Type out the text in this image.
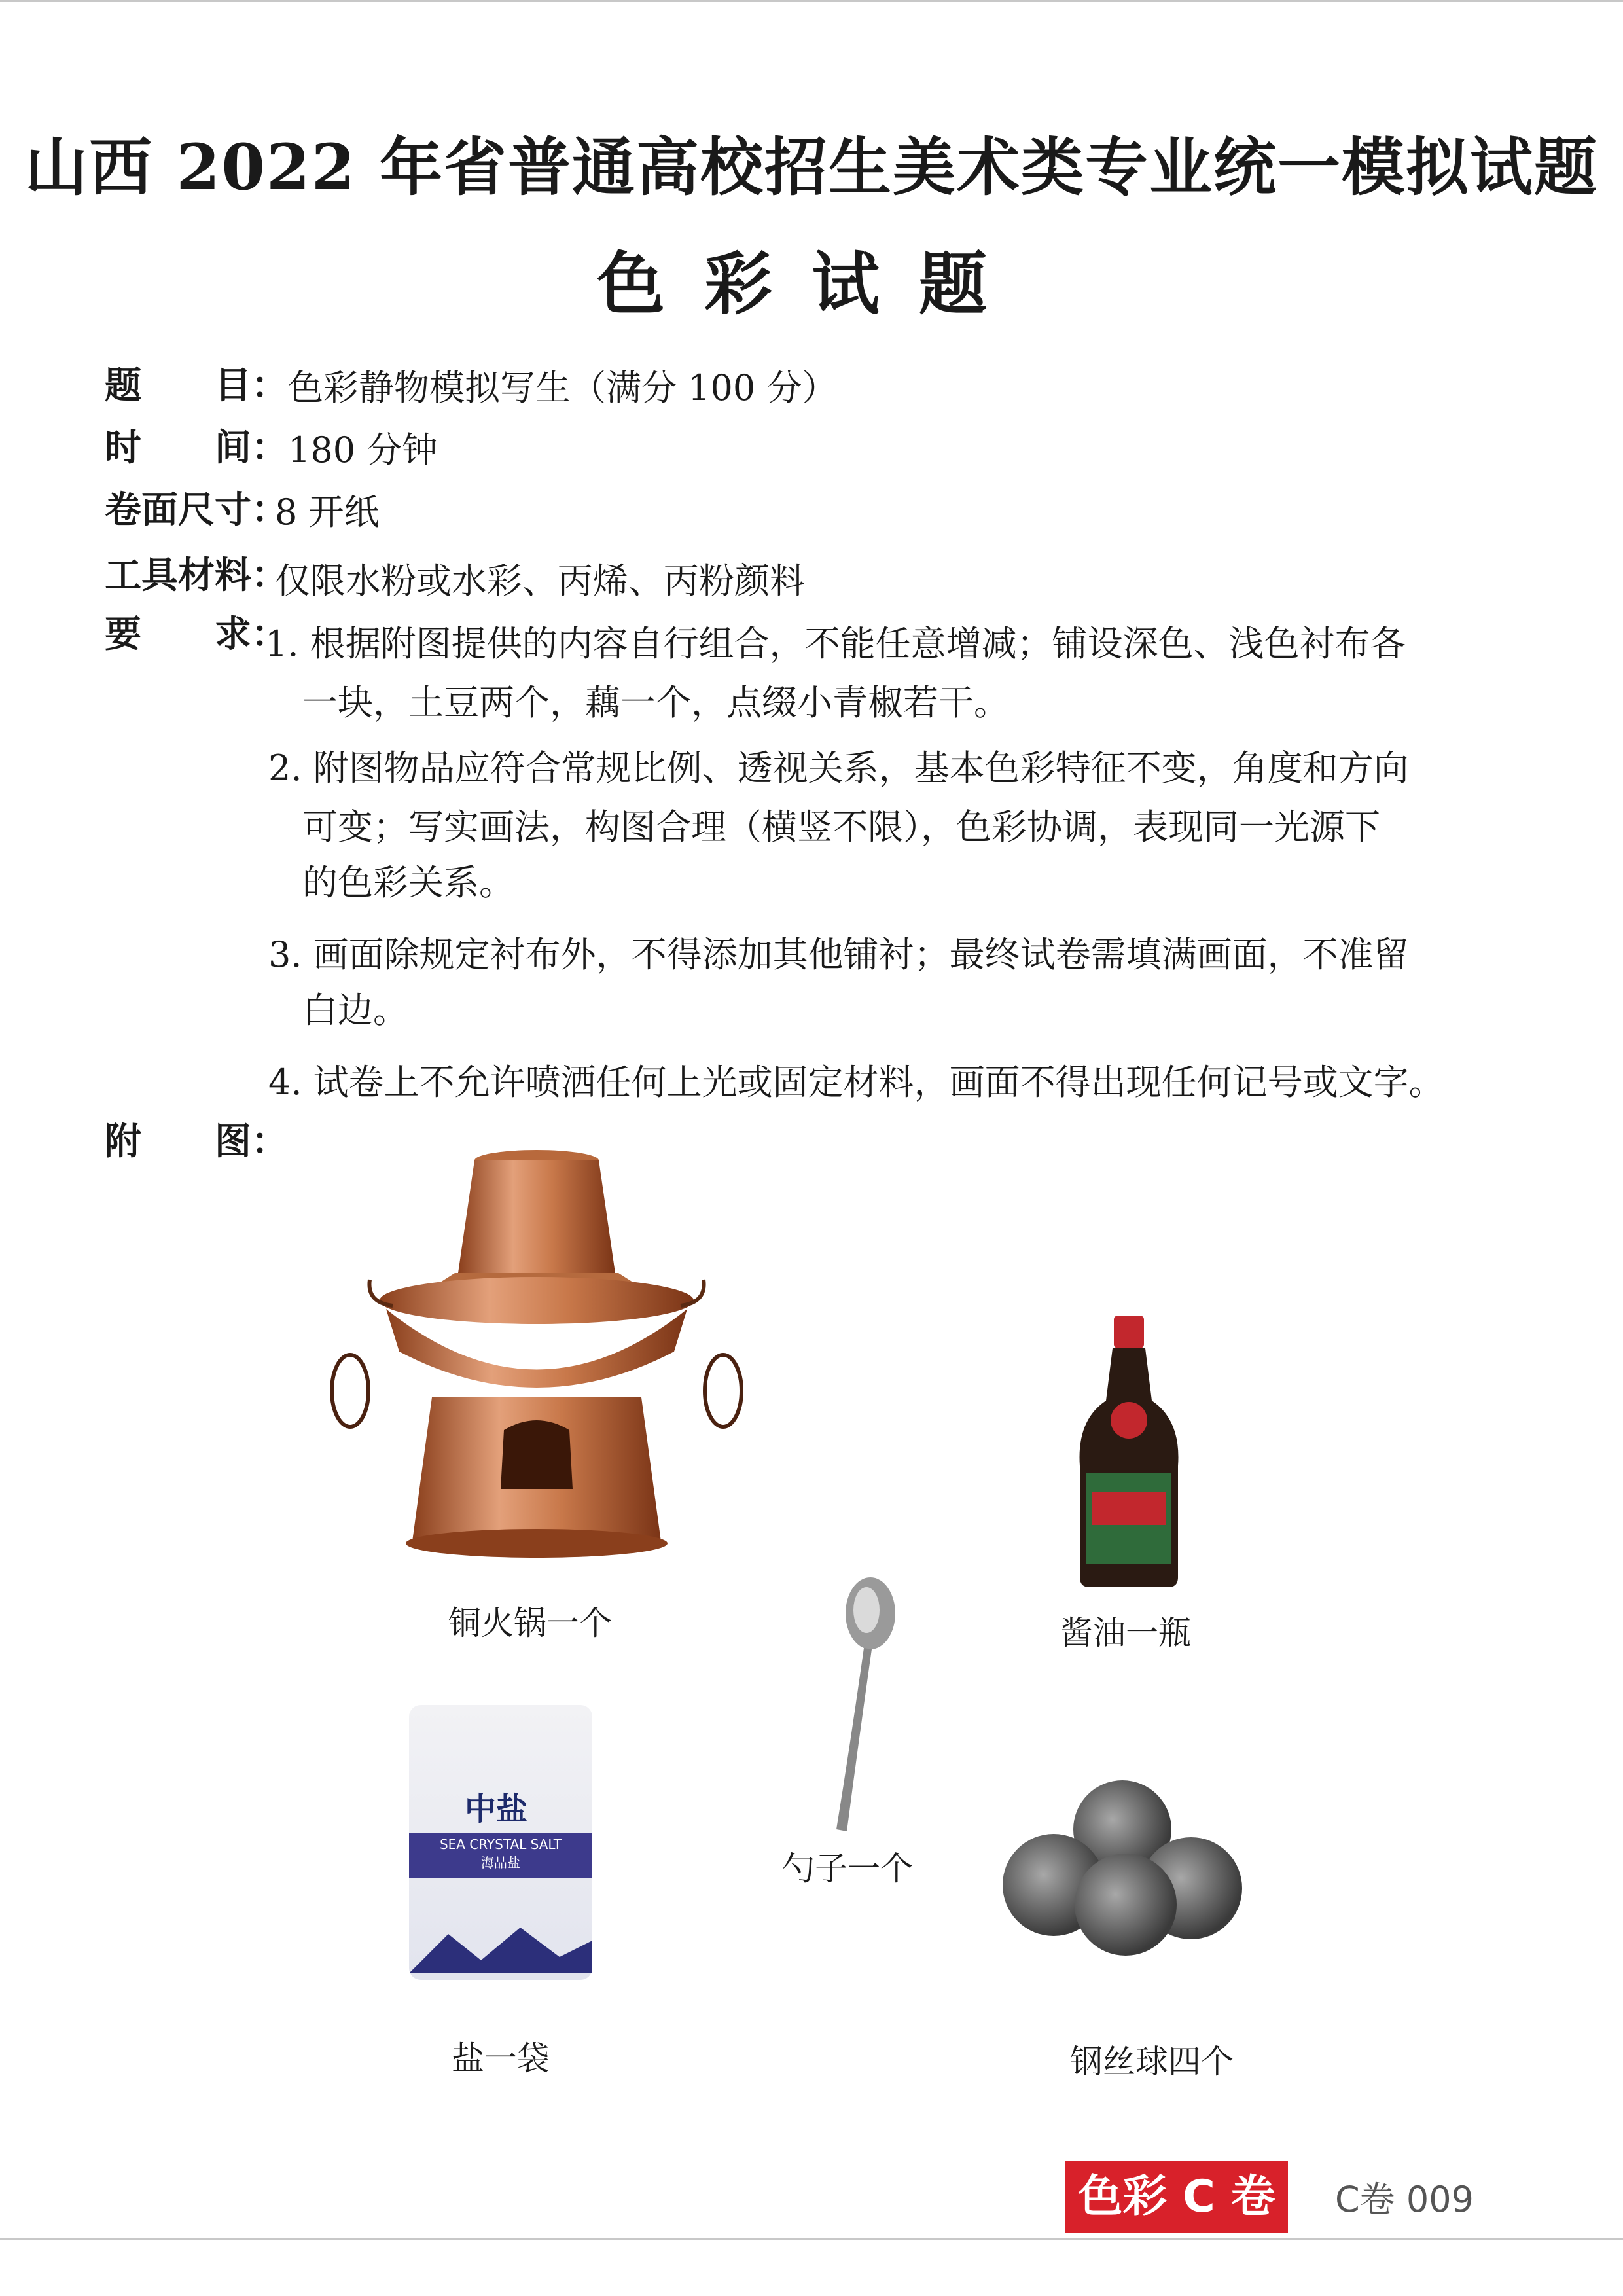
山西 2022 年省普通高校招生美术类专业统一模拟试题
色彩试题
题　　目： 色彩静物模拟写生（满分 100 分）
时　　间： 180 分钟
卷面尺寸：
8 开纸
工具材料：
仅限水粉或水彩、丙烯、丙粉颜料
要　　求：
1. 根据附图提供的内容自行组合，不能任意增减；铺设深色、浅色衬布各
一块，土豆两个，藕一个，点缀小青椒若干。
2. 附图物品应符合常规比例、透视关系，基本色彩特征不变，角度和方向
可变；写实画法，构图合理（横竖不限），色彩协调，表现同一光源下
的色彩关系。
3. 画面除规定衬布外，不得添加其他铺衬；最终试卷需填满画面，不准留
白边。
4. 试卷上不允许喷洒任何上光或固定材料，画面不得出现任何记号或文字。
附　　图：
铜火锅一个	酱油一瓶
勺子一个
中盐
SEA CRYSTAL SALT
海晶盐
盐一袋	钢丝球四个
色彩 C 卷	C卷 009
